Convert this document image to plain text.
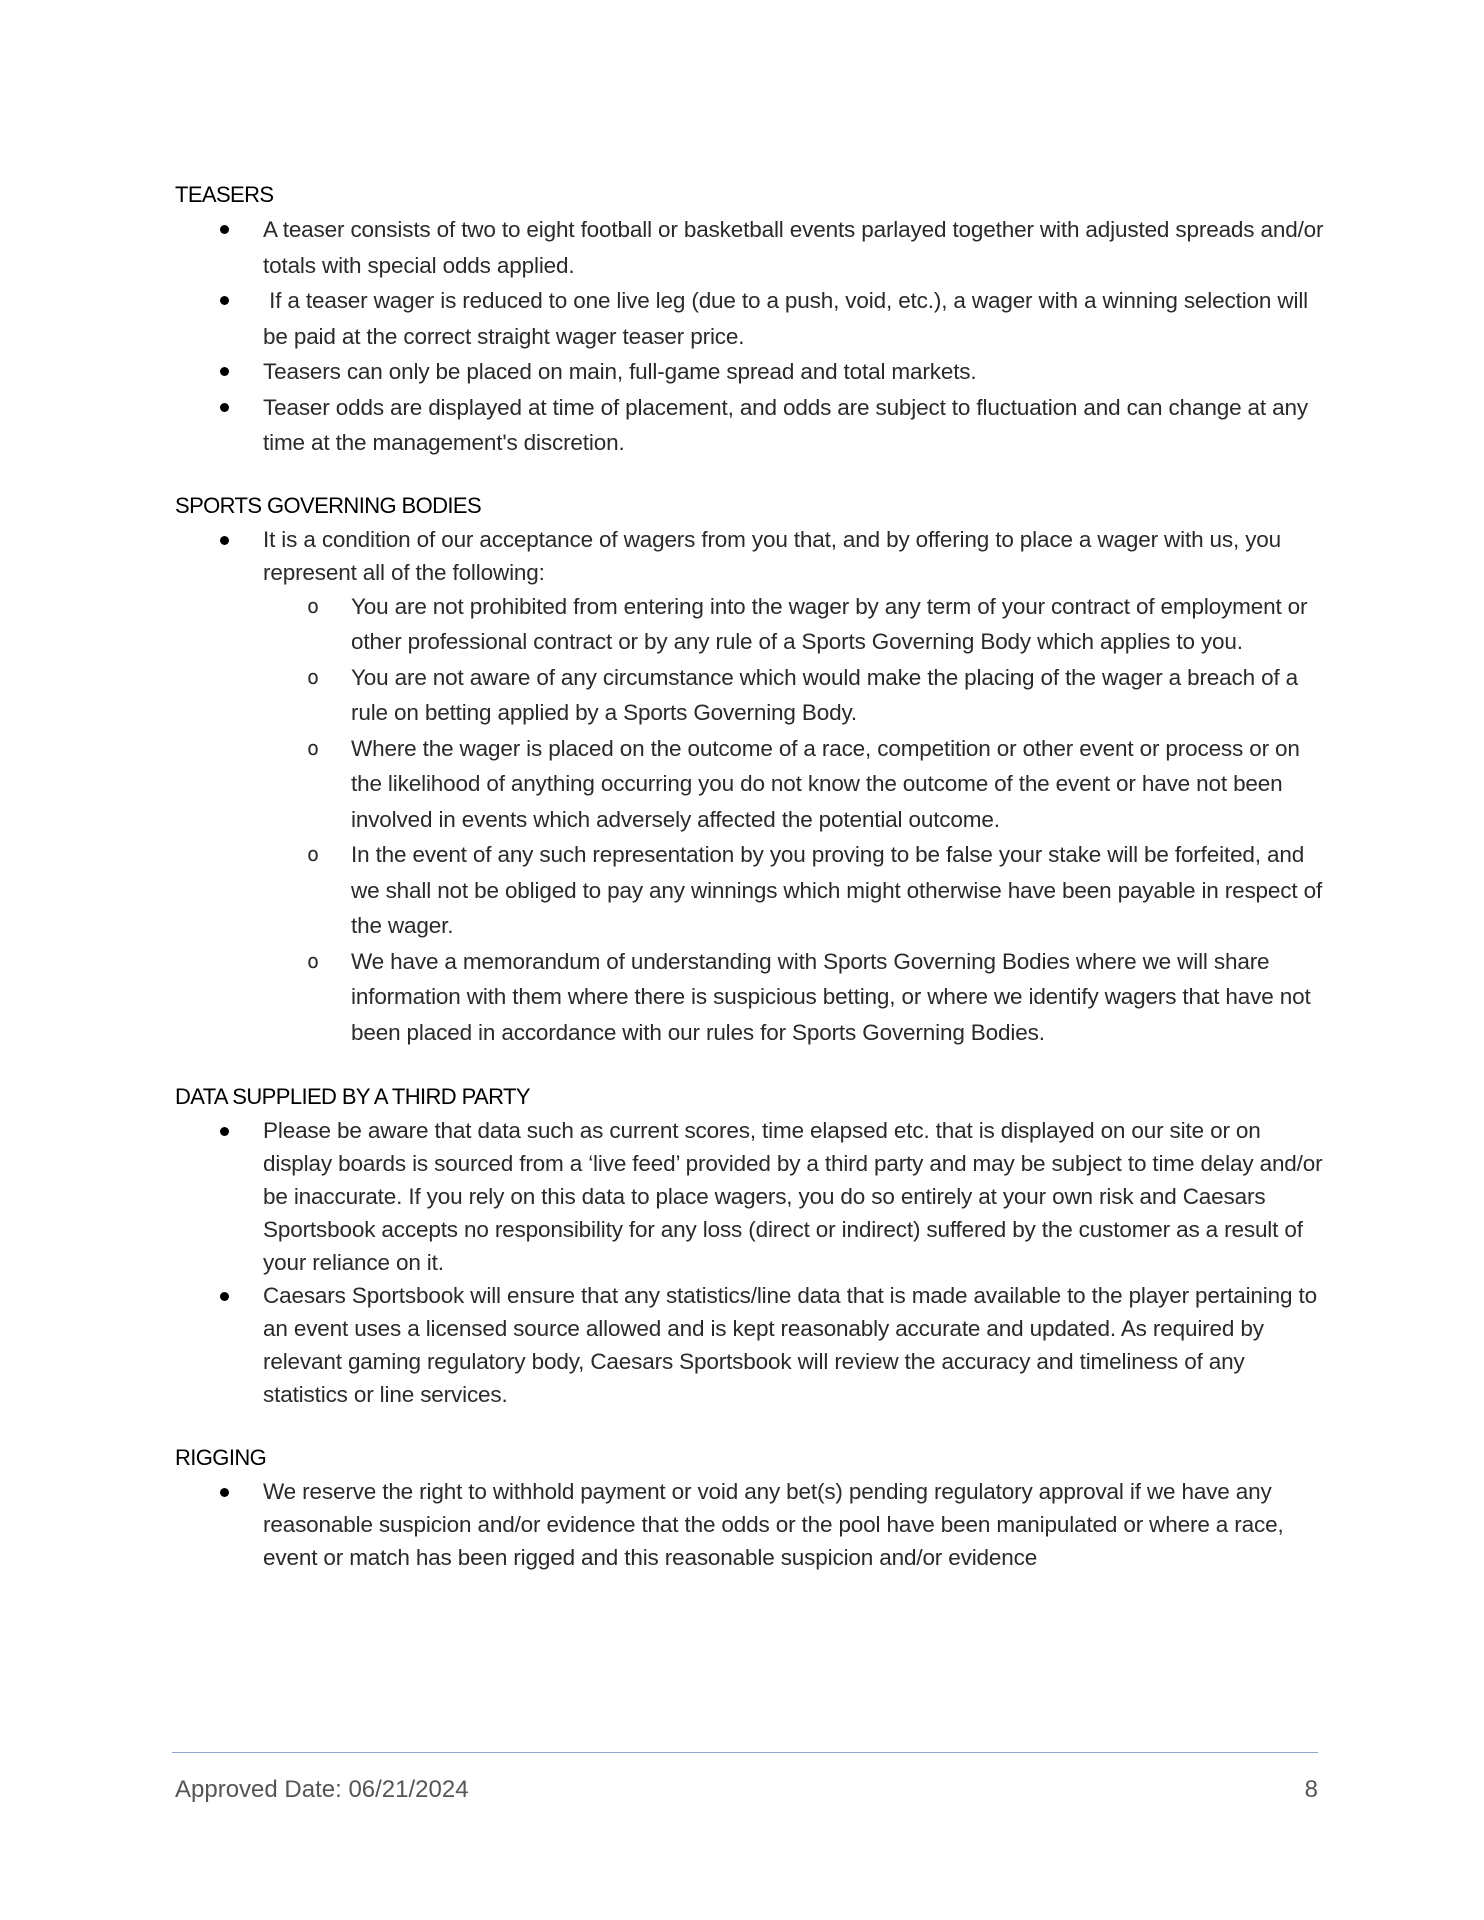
TEASERS
A teaser consists of two to eight football or basketball events parlayed together with adjusted spreads and/or totals with special odds applied.
If a teaser wager is reduced to one live leg (due to a push, void, etc.), a wager with a winning selection will be paid at the correct straight wager teaser price.
Teasers can only be placed on main, full-game spread and total markets.
Teaser odds are displayed at time of placement, and odds are subject to fluctuation and can change at any time at the management's discretion.
SPORTS GOVERNING BODIES
It is a condition of our acceptance of wagers from you that, and by offering to place a wager with us, you represent all of the following:
o You are not prohibited from entering into the wager by any term of your contract of employment or other professional contract or by any rule of a Sports Governing Body which applies to you.
o You are not aware of any circumstance which would make the placing of the wager a breach of a rule on betting applied by a Sports Governing Body.
o Where the wager is placed on the outcome of a race, competition or other event or process or on the likelihood of anything occurring you do not know the outcome of the event or have not been involved in events which adversely affected the potential outcome.
o In the event of any such representation by you proving to be false your stake will be forfeited, and we shall not be obliged to pay any winnings which might otherwise have been payable in respect of the wager.
o We have a memorandum of understanding with Sports Governing Bodies where we will share information with them where there is suspicious betting, or where we identify wagers that have not been placed in accordance with our rules for Sports Governing Bodies.
DATA SUPPLIED BY A THIRD PARTY
Please be aware that data such as current scores, time elapsed etc. that is displayed on our site or on display boards is sourced from a ‘live feed’ provided by a third party and may be subject to time delay and/or be inaccurate. If you rely on this data to place wagers, you do so entirely at your own risk and Caesars Sportsbook accepts no responsibility for any loss (direct or indirect) suffered by the customer as a result of your reliance on it.
Caesars Sportsbook will ensure that any statistics/line data that is made available to the player pertaining to an event uses a licensed source allowed and is kept reasonably accurate and updated. As required by relevant gaming regulatory body, Caesars Sportsbook will review the accuracy and timeliness of any statistics or line services.
RIGGING
We reserve the right to withhold payment or void any bet(s) pending regulatory approval if we have any reasonable suspicion and/or evidence that the odds or the pool have been manipulated or where a race, event or match has been rigged and this reasonable suspicion and/or evidence
Approved Date: 06/21/2024	8
